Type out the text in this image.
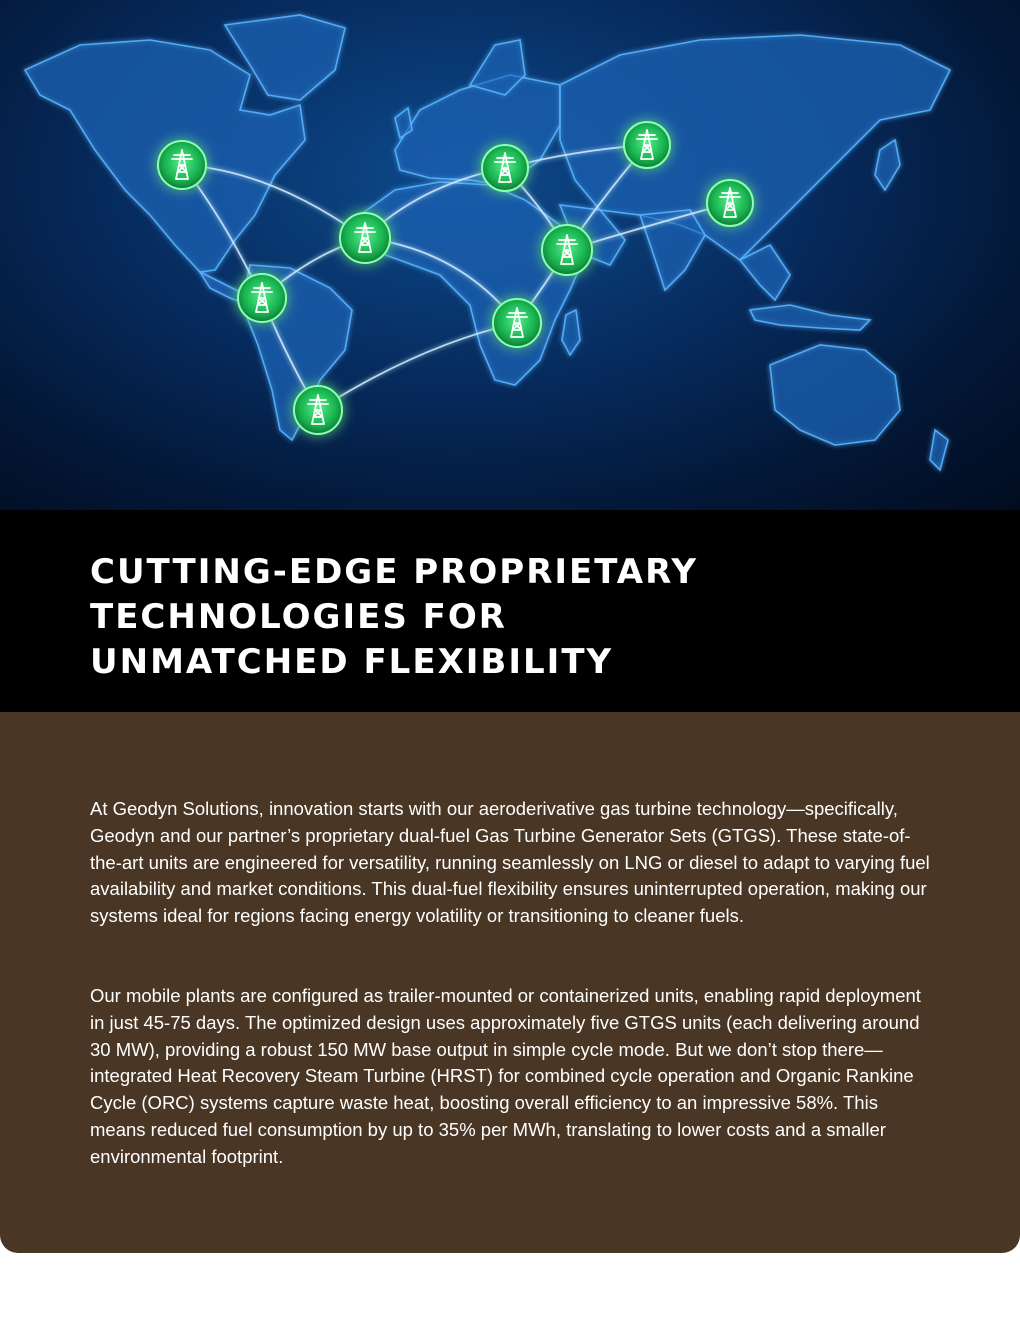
CUTTING-EDGE PROPRIETARY
TECHNOLOGIES FOR
UNMATCHED FLEXIBILITY

At Geodyn Solutions, innovation starts with our aeroderivative gas turbine technology—specifically, Geodyn and our partner’s proprietary dual-fuel Gas Turbine Generator Sets (GTGS). These state-of-the-art units are engineered for versatility, running seamlessly on LNG or diesel to adapt to varying fuel availability and market conditions. This dual-fuel flexibility ensures uninterrupted operation, making our systems ideal for regions facing energy volatility or transitioning to cleaner fuels.

Our mobile plants are configured as trailer-mounted or containerized units, enabling rapid deployment in just 45-75 days. The optimized design uses approximately five GTGS units (each delivering around 30 MW), providing a robust 150 MW base output in simple cycle mode. But we don’t stop there—integrated Heat Recovery Steam Turbine (HRST) for combined cycle operation and Organic Rankine Cycle (ORC) systems capture waste heat, boosting overall efficiency to an impressive 58%. This means reduced fuel consumption by up to 35% per MWh, translating to lower costs and a smaller environmental footprint.
